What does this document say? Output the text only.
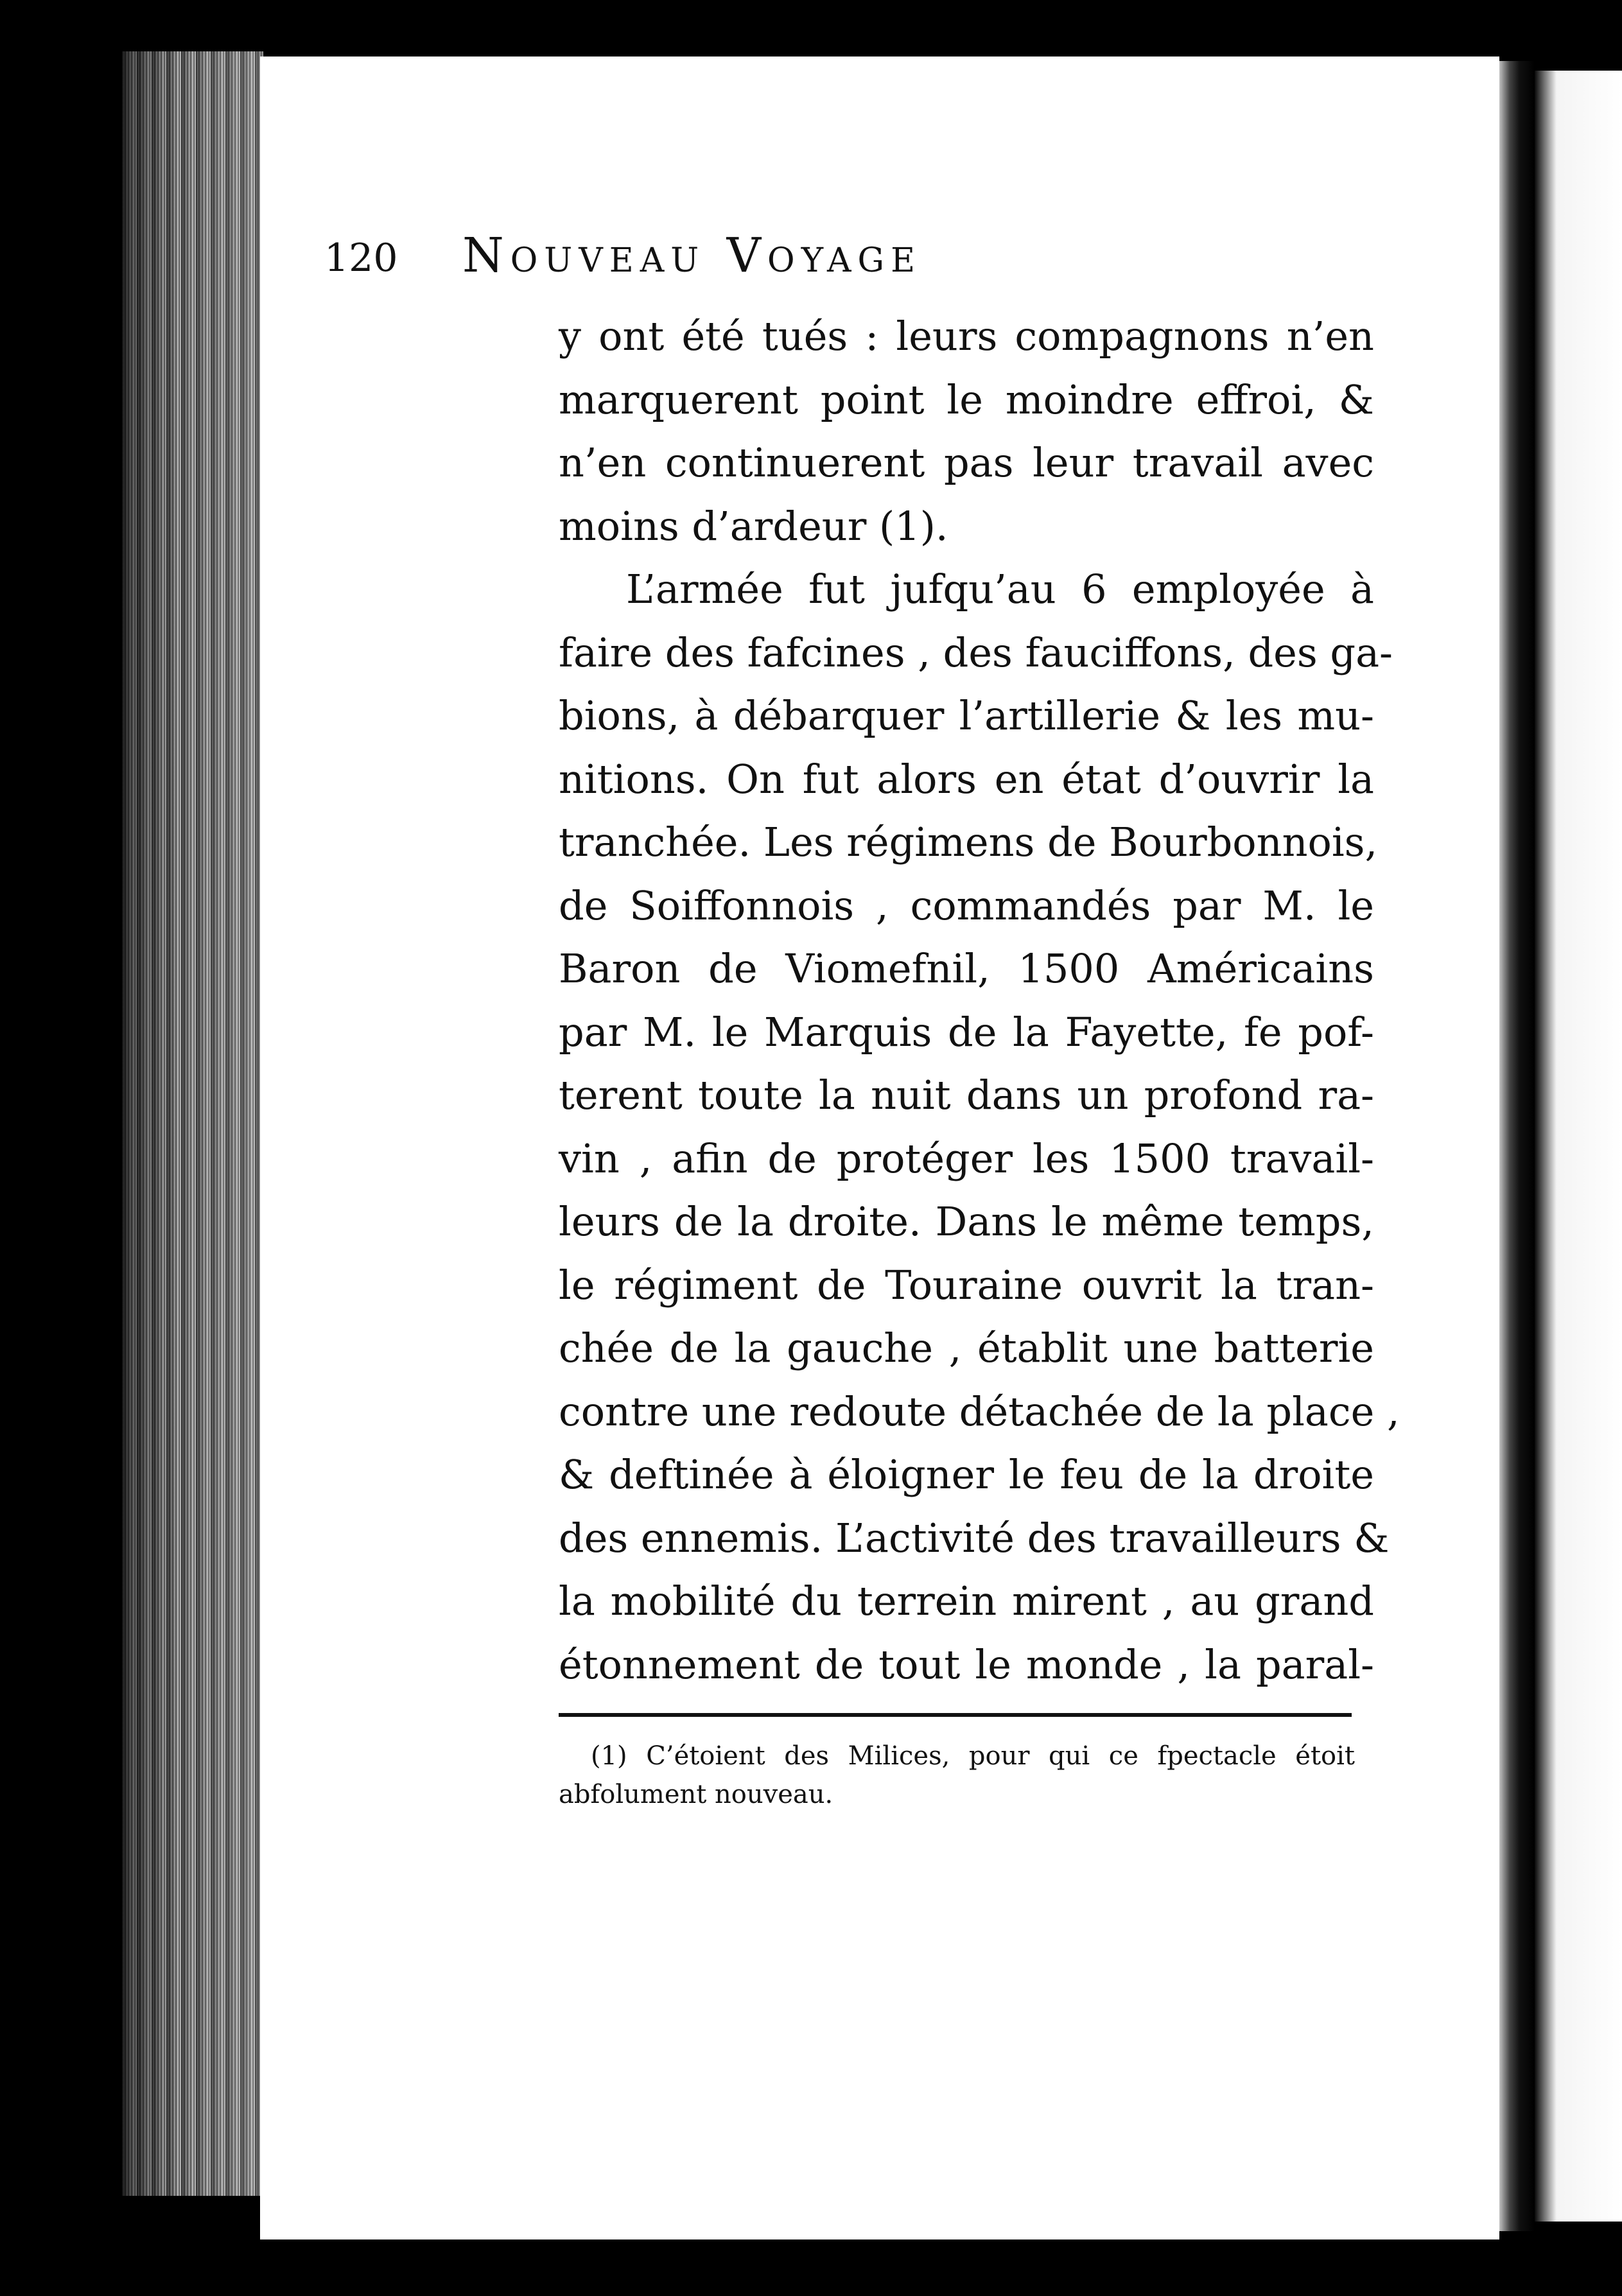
120 Nouveau Voyage
y ont été tués : leurs compagnons n’en
marquerent point le moindre effroi, &
n’en continuerent pas leur travail avec
moins d’ardeur (1).
L’armée fut jufqu’au 6 employée à
faire des fafcines , des fauciffons, des ga-
bions, à débarquer l’artillerie & les mu-
nitions. On fut alors en état d’ouvrir la
tranchée. Les régimens de Bourbonnois,
de Soiffonnois , commandés par M. le
Baron de Viomefnil, 1500 Américains
par M. le Marquis de la Fayette, fe pof-
terent toute la nuit dans un profond ra-
vin , afin de protéger les 1500 travail-
leurs de la droite. Dans le même temps,
le régiment de Touraine ouvrit la tran-
chée de la gauche , établit une batterie
contre une redoute détachée de la place ,
& deftinée à éloigner le feu de la droite
des ennemis. L’activité des travailleurs &
la mobilité du terrein mirent , au grand
étonnement de tout le monde , la paral-
(1) C’étoient des Milices, pour qui ce fpectacle étoit
abfolument nouveau.
